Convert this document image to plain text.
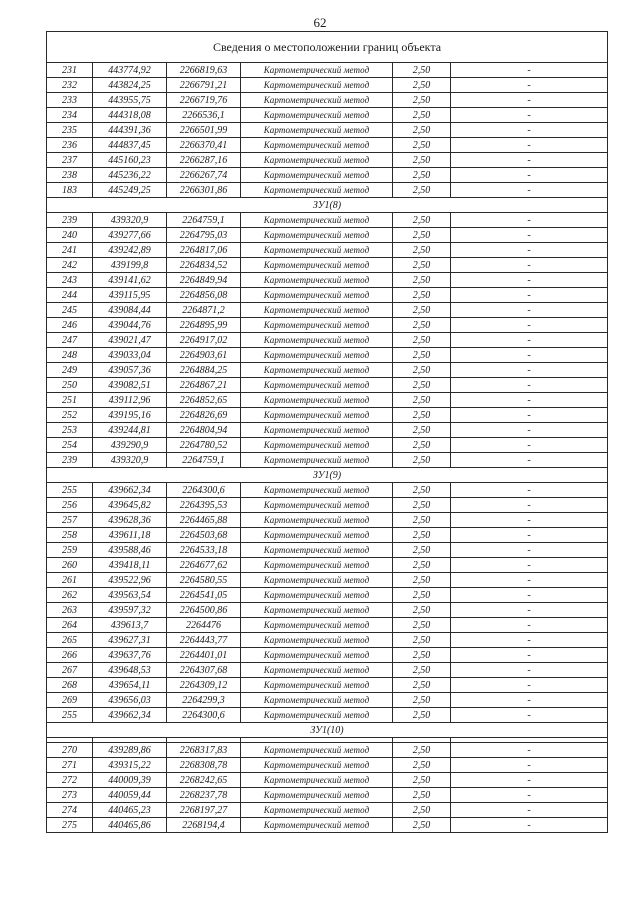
62
Сведения о местоположении границ объекта					
231	443774,92	2266819,63	Картометрический метод	2,50	-
232	443824,25	2266791,21	Картометрический метод	2,50	-
233	443955,75	2266719,76	Картометрический метод	2,50	-
234	444318,08	2266536,1	Картометрический метод	2,50	-
235	444391,36	2266501,99	Картометрический метод	2,50	-
236	444837,45	2266370,41	Картометрический метод	2,50	-
237	445160,23	2266287,16	Картометрический метод	2,50	-
238	445236,22	2266267,74	Картометрический метод	2,50	-
183	445249,25	2266301,86	Картометрический метод	2,50	-
ЗУ1(8)					
239	439320,9	2264759,1	Картометрический метод	2,50	-
240	439277,66	2264795,03	Картометрический метод	2,50	-
241	439242,89	2264817,06	Картометрический метод	2,50	-
242	439199,8	2264834,52	Картометрический метод	2,50	-
243	439141,62	2264849,94	Картометрический метод	2,50	-
244	439115,95	2264856,08	Картометрический метод	2,50	-
245	439084,44	2264871,2	Картометрический метод	2,50	-
246	439044,76	2264895,99	Картометрический метод	2,50	-
247	439021,47	2264917,02	Картометрический метод	2,50	-
248	439033,04	2264903,61	Картометрический метод	2,50	-
249	439057,36	2264884,25	Картометрический метод	2,50	-
250	439082,51	2264867,21	Картометрический метод	2,50	-
251	439112,96	2264852,65	Картометрический метод	2,50	-
252	439195,16	2264826,69	Картометрический метод	2,50	-
253	439244,81	2264804,94	Картометрический метод	2,50	-
254	439290,9	2264780,52	Картометрический метод	2,50	-
239	439320,9	2264759,1	Картометрический метод	2,50	-
ЗУ1(9)					
255	439662,34	2264300,6	Картометрический метод	2,50	-
256	439645,82	2264395,53	Картометрический метод	2,50	-
257	439628,36	2264465,88	Картометрический метод	2,50	-
258	439611,18	2264503,68	Картометрический метод	2,50	-
259	439588,46	2264533,18	Картометрический метод	2,50	-
260	439418,11	2264677,62	Картометрический метод	2,50	-
261	439522,96	2264580,55	Картометрический метод	2,50	-
262	439563,54	2264541,05	Картометрический метод	2,50	-
263	439597,32	2264500,86	Картометрический метод	2,50	-
264	439613,7	2264476	Картометрический метод	2,50	-
265	439627,31	2264443,77	Картометрический метод	2,50	-
266	439637,76	2264401,01	Картометрический метод	2,50	-
267	439648,53	2264307,68	Картометрический метод	2,50	-
268	439654,11	2264309,12	Картометрический метод	2,50	-
269	439656,03	2264299,3	Картометрический метод	2,50	-
255	439662,34	2264300,6	Картометрический метод	2,50	-
ЗУ1(10)					

270	439289,86	2268317,83	Картометрический метод	2,50	-
271	439315,22	2268308,78	Картометрический метод	2,50	-
272	440009,39	2268242,65	Картометрический метод	2,50	-
273	440059,44	2268237,78	Картометрический метод	2,50	-
274	440465,23	2268197,27	Картометрический метод	2,50	-
275	440465,86	2268194,4	Картометрический метод	2,50	-
